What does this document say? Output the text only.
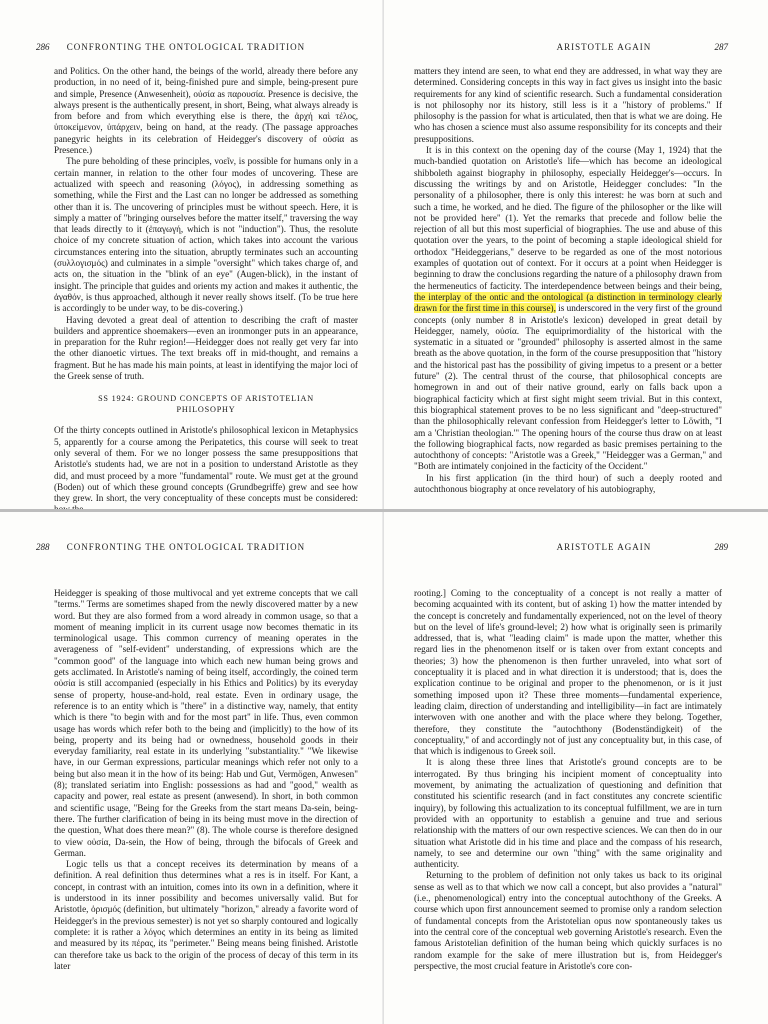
286 CONFRONTING THE ONTOLOGICAL TRADITION

and Politics. On the other hand, the beings of the world, already there before any production, in no need of it, being-finished pure and simple, being-present pure and simple, Presence (Anwesenheit), οὐσία as παρουσία. Presence is decisive, the always present is the authentically present, in short, Being, what always already is from before and from which everything else is there, the ἀρχή καὶ τέλος, ὑποκείμενον, ὑπάρχειν, being on hand, at the ready. (The passage approaches panegyric heights in its celebration of Heidegger's discovery of οὐσία as Presence.)

The pure beholding of these principles, νοεῖν, is possible for humans only in a certain manner, in relation to the other four modes of uncovering. These are actualized with speech and reasoning (λόγος), in addressing something as something, while the First and the Last can no longer be addressed as something other than it is. The uncovering of principles must be without speech. Here, it is simply a matter of "bringing ourselves before the matter itself," traversing the way that leads directly to it (ἐπαγωγή, which is not "induction"). Thus, the resolute choice of my concrete situation of action, which takes into account the various circumstances entering into the situation, abruptly terminates such an accounting (συλλογισμός) and culminates in a simple "oversight" which takes charge of, and acts on, the situation in the "blink of an eye" (Augen-blick), in the instant of insight. The principle that guides and orients my action and makes it authentic, the ἀγαθόν, is thus approached, although it never really shows itself. (To be true here is accordingly to be under way, to be dis-covering.)

Having devoted a great deal of attention to describing the craft of master builders and apprentice shoemakers—even an ironmonger puts in an appearance, in preparation for the Ruhr region!—Heidegger does not really get very far into the other dianoetic virtues. The text breaks off in mid-thought, and remains a fragment. But he has made his main points, at least in identifying the major loci of the Greek sense of truth.

SS 1924: GROUND CONCEPTS OF ARISTOTELIAN
PHILOSOPHY

Of the thirty concepts outlined in Aristotle's philosophical lexicon in Metaphysics 5, apparently for a course among the Peripatetics, this course will seek to treat only several of them. For we no longer possess the same presuppositions that Aristotle's students had, we are not in a position to understand Aristotle as they did, and must proceed by a more "fundamental" route. We must get at the ground (Boden) out of which these ground concepts (Grundbegriffe) grew and see how they grew. In short, the very conceptuality of these concepts must be considered:

ARISTOTLE AGAIN	287

matters they intend are seen, to what end they are addressed, in what way they are determined. Considering concepts in this way in fact gives us insight into the basic requirements for any kind of scientific research. Such a fundamental consideration is not philosophy nor its history, still less is it a "history of problems." If philosophy is the passion for what is articulated, then that is what we are doing. He who has chosen a science must also assume responsibility for its concepts and their presuppositions.

It is in this context on the opening day of the course (May 1, 1924) that the much-bandied quotation on Aristotle's life—which has become an ideological shibboleth against biography in philosophy, especially Heidegger's—occurs. In discussing the writings by and on Aristotle, Heidegger concludes: "In the personality of a philosopher, there is only this interest: he was born at such and such a time, he worked, and he died. The figure of the philosopher or the like will not be provided here" (1). Yet the remarks that precede and follow belie the rejection of all but this most superficial of biographies. The use and abuse of this quotation over the years, to the point of becoming a staple ideological shield for orthodox "Heideggerians," deserve to be regarded as one of the most notorious examples of quotation out of context. For it occurs at a point when Heidegger is beginning to draw the conclusions regarding the nature of a philosophy drawn from the hermeneutics of facticity. The interdependence between beings and their being, the interplay of the ontic and the ontological (a distinction in terminology clearly drawn for the first time in this course), is underscored in the very first of the ground concepts (only number 8 in Aristotle's lexicon) developed in great detail by Heidegger, namely, οὐσία. The equiprimordiality of the historical with the systematic in a situated or "grounded" philosophy is asserted almost in the same breath as the above quotation, in the form of the course presupposition that "history and the historical past has the possibility of giving impetus to a present or a better future" (2). The central thrust of the course, that philosophical concepts are homegrown in and out of their native ground, early on falls back upon a biographical facticity which at first sight might seem trivial. But in this context, this biographical statement proves to be no less significant and "deep-structured" than the philosophically relevant confession from Heidegger's letter to Löwith, "I am a 'Christian theologian.'" The opening hours of the course thus draw on at least the following biographical facts, now regarded as basic premises pertaining to the autochthony of concepts: "Aristotle was a Greek," "Heidegger was a German," and "Both are intimately conjoined in the facticity of the Occident."

In his first application (in the third hour) of such a deeply rooted and autochthonous biography at once revelatory of his autobiography,

288 CONFRONTING THE ONTOLOGICAL TRADITION

Heidegger is speaking of those multivocal and yet extreme concepts that we call "terms." Terms are sometimes shaped from the newly discovered matter by a new word. But they are also formed from a word already in common usage, so that a moment of meaning implicit in its current usage now becomes thematic in its terminological usage. This common currency of meaning operates in the averageness of "self-evident" understanding, of expressions which are the "common good" of the language into which each new human being grows and gets acclimated. In Aristotle's naming of being itself, accordingly, the coined term οὐσία is still accompanied (especially in his Ethics and Politics) by its everyday sense of property, house-and-hold, real estate. Even in ordinary usage, the reference is to an entity which is "there" in a distinctive way, namely, that entity which is there "to begin with and for the most part" in life. Thus, even common usage has words which refer both to the being and (implicitly) to the how of its being, property and its being had or ownedness, household goods in their everyday familiarity, real estate in its underlying "substantiality." "We likewise have, in our German expressions, particular meanings which refer not only to a being but also mean it in the how of its being: Hab und Gut, Vermögen, Anwesen" (8); translated seriatim into English: possessions as had and "good," wealth as capacity and power, real estate as present (anwesend). In short, in both common and scientific usage, "Being for the Greeks from the start means Da-sein, being-there. The further clarification of being in its being must move in the direction of the question, What does there mean?" (8). The whole course is therefore designed to view οὐσία, Da-sein, the How of being, through the bifocals of Greek and German.

Logic tells us that a concept receives its determination by means of a definition. A real definition thus determines what a res is in itself. For Kant, a concept, in contrast with an intuition, comes into its own in a definition, where it is understood in its inner possibility and becomes universally valid. But for Aristotle, ὁρισμός (definition, but ultimately "horizon," already a favorite word of Heidegger's in the previous semester) is not yet so sharply contoured and logically complete: it is rather a λόγος which determines an entity in its being as limited and measured by its πέρας, its "perimeter." Being means being finished. Aristotle can therefore take us back to the origin of the process of decay of this term in its later

ARISTOTLE AGAIN	289

rooting.] Coming to the conceptuality of a concept is not really a matter of becoming acquainted with its content, but of asking 1) how the matter intended by the concept is concretely and fundamentally experienced, not on the level of theory but on the level of life's ground-level; 2) how what is originally seen is primarily addressed, that is, what "leading claim" is made upon the matter, whether this regard lies in the phenomenon itself or is taken over from extant concepts and theories; 3) how the phenomenon is then further unraveled, into what sort of conceptuality it is placed and in what direction it is understood; that is, does the explication continue to be original and proper to the phenomenon, or is it just something imposed upon it? These three moments—fundamental experience, leading claim, direction of understanding and intelligibility—in fact are intimately interwoven with one another and with the place where they belong. Together, therefore, they constitute the "autochthony (Bodenständigkeit) of the conceptuality," of and accordingly not of just any conceptuality but, in this case, of that which is indigenous to Greek soil.

It is along these three lines that Aristotle's ground concepts are to be interrogated. By thus bringing his incipient moment of conceptuality into movement, by animating the actualization of questioning and definition that constituted his scientific research (and in fact constitutes any concrete scientific inquiry), by following this actualization to its conceptual fulfillment, we are in turn provided with an opportunity to establish a genuine and true and serious relationship with the matters of our own respective sciences. We can then do in our situation what Aristotle did in his time and place and the compass of his research, namely, to see and determine our own "thing" with the same originality and authenticity.

Returning to the problem of definition not only takes us back to its original sense as well as to that which we now call a concept, but also provides a "natural" (i.e., phenomenological) entry into the conceptual autochthony of the Greeks. A course which upon first announcement seemed to promise only a random selection of fundamental concepts from the Aristotelian opus now spontaneously takes us into the central core of the conceptual web governing Aristotle's research. Even the famous Aristotelian definition of the human being which quickly surfaces is no random example for the sake of mere illustration but is, from Heidegger's perspective, the most crucial feature in Aristotle's core con-
